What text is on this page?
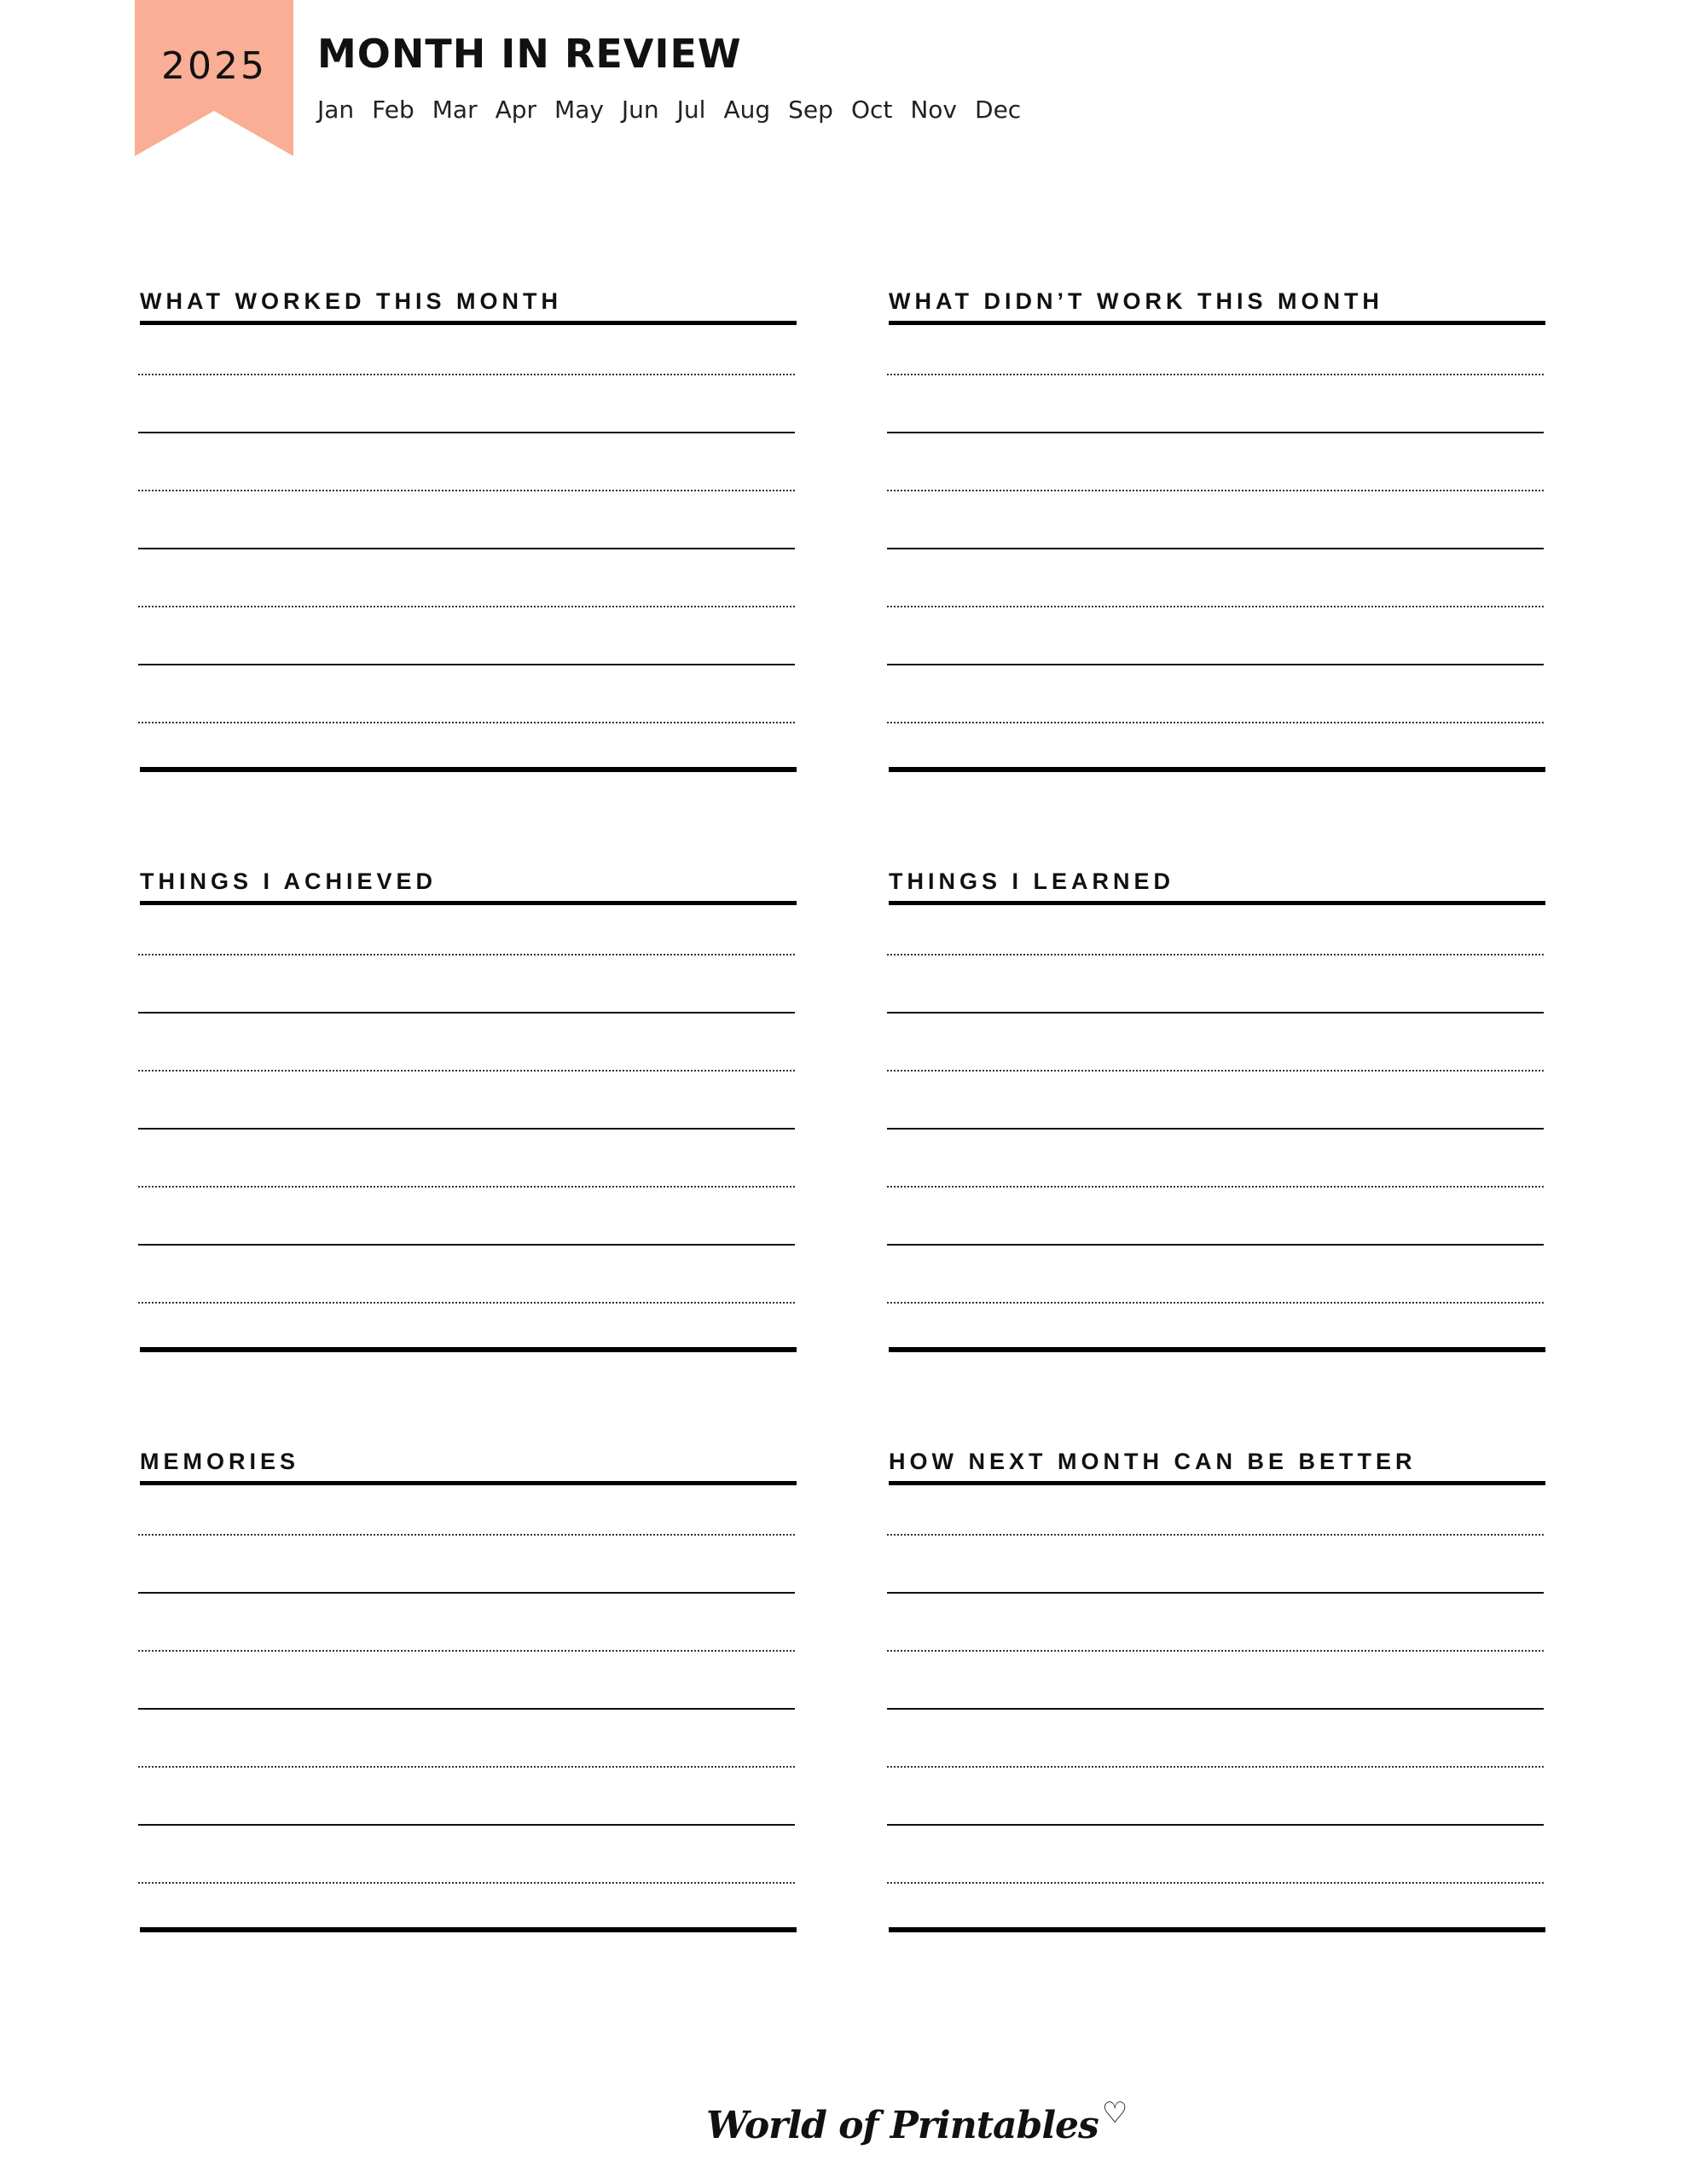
2025	MONTH IN REVIEW
Jan Feb Mar Apr May Jun Jul Aug Sep Oct Nov Dec
WHAT WORKED THIS MONTH	WHAT DIDN’T WORK THIS MONTH
THINGS I ACHIEVED	THINGS I LEARNED
MEMORIES	HOW NEXT MONTH CAN BE BETTER
World of Printables ♡
